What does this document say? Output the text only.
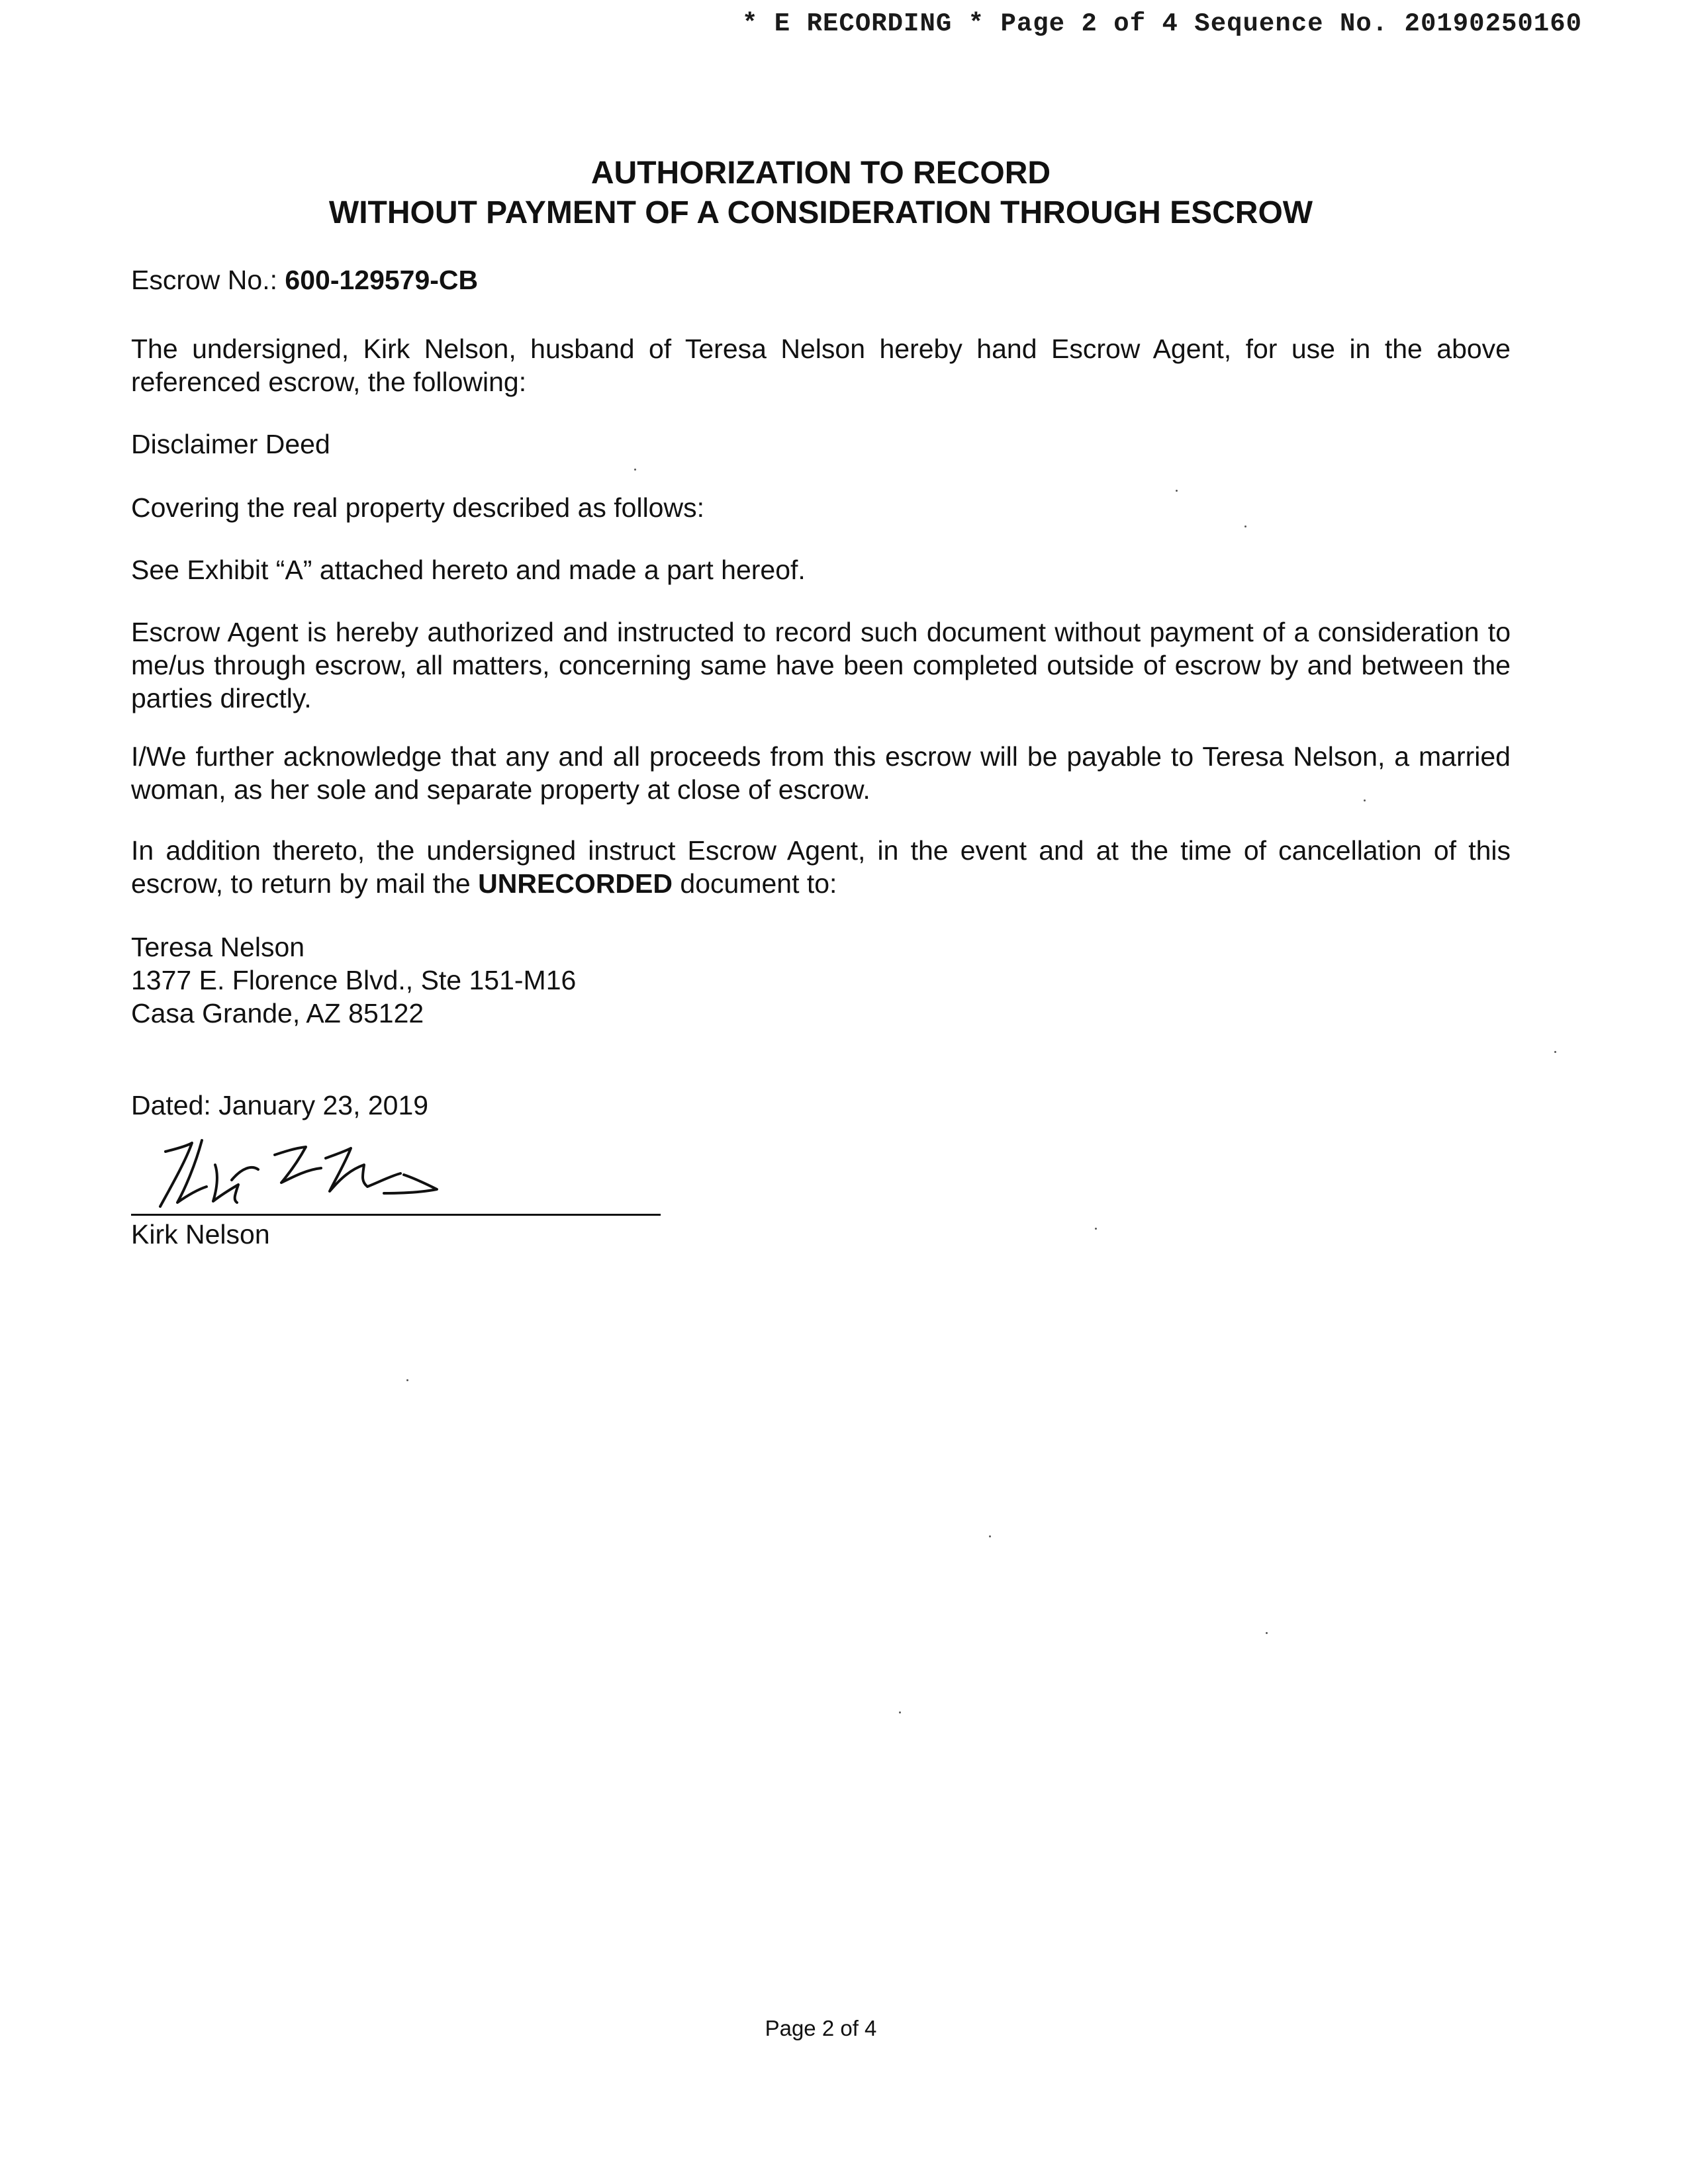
* E RECORDING * Page 2 of 4 Sequence No. 20190250160
AUTHORIZATION TO RECORD
WITHOUT PAYMENT OF A CONSIDERATION THROUGH ESCROW
Escrow No.: 600-129579-CB
The undersigned, Kirk Nelson, husband of Teresa Nelson hereby hand Escrow Agent, for use in the above referenced escrow, the following:
Disclaimer Deed
Covering the real property described as follows:
See Exhibit “A” attached hereto and made a part hereof.
Escrow Agent is hereby authorized and instructed to record such document without payment of a consideration to me/us through escrow, all matters, concerning same have been completed outside of escrow by and between the parties directly.
I/We further acknowledge that any and all proceeds from this escrow will be payable to Teresa Nelson, a married woman, as her sole and separate property at close of escrow.
In addition thereto, the undersigned instruct Escrow Agent, in the event and at the time of cancellation of this escrow, to return by mail the UNRECORDED document to:
Teresa Nelson
1377 E. Florence Blvd., Ste 151-M16
Casa Grande, AZ 85122
Dated: January 23, 2019
Kirk Nelson
Page 2 of 4
